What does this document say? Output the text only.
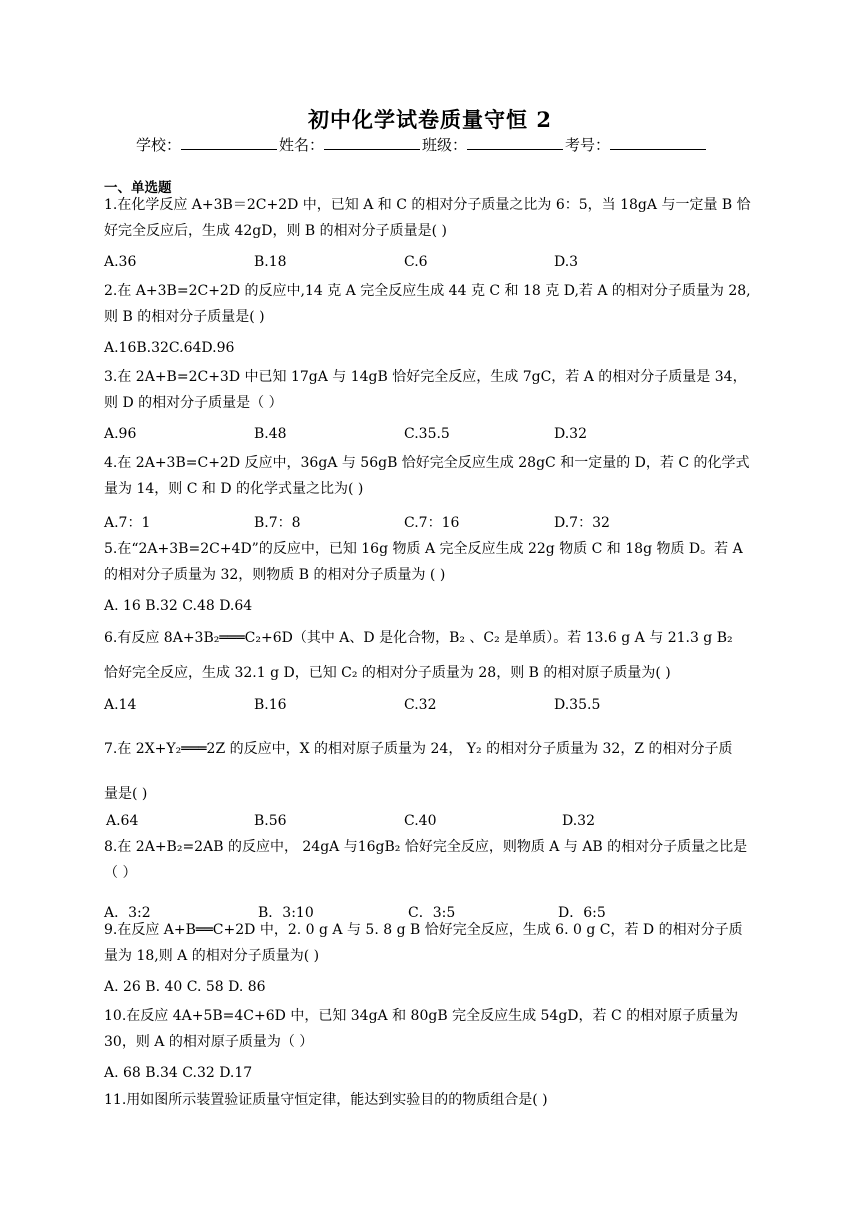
初中化学试卷质量守恒 2
学校：	姓名：	班级：	考号：
一、单选题
1.在化学反应 A+3B＝2C+2D 中，已知 A 和 C 的相对分子质量之比为 6：5，当 18gA 与一定量 B 恰好完全反应后，生成 42gD，则 B 的相对分子质量是( )
A.36	B.18	C.6	D.3
2.在 A+3B=2C+2D 的反应中,14 克 A 完全反应生成 44 克 C 和 18 克 D,若 A 的相对分子质量为 28,则 B 的相对分子质量是( )
A.16B.32C.64D.96
3.在 2A+B=2C+3D 中已知 17gA 与 14gB 恰好完全反应，生成 7gC，若 A 的相对分子质量是 34，则 D 的相对分子质量是（ ）
A.96	B.48	C.35.5	D.32
4.在 2A+3B=C+2D 反应中，36gA 与 56gB 恰好完全反应生成 28gC 和一定量的 D，若 C 的化学式量为 14，则 C 和 D 的化学式量之比为( )
A.7：1	B.7：8	C.7：16	D.7：32
5.在“2A+3B=2C+4D”的反应中，已知 16g 物质 A 完全反应生成 22g 物质 C 和 18g 物质 D。若 A 的相对分子质量为 32，则物质 B 的相对分子质量为 ( )
A. 16 B.32 C.48 D.64
6.有反应 8A+3B₂═══C₂+6D（其中 A、D 是化合物，B₂ 、C₂ 是单质）。若 13.6 g A 与 21.3 g B₂
恰好完全反应，生成 32.1 g D，已知 C₂ 的相对分子质量为 28，则 B 的相对原子质量为( )
A.14	B.16	C.32	D.35.5
7.在 2X+Y₂═══2Z 的反应中，X 的相对原子质量为 24， Y₂ 的相对分子质量为 32，Z 的相对分子质
量是( )
A.64	B.56	C.40	D.32
8.在 2A+B₂=2AB 的反应中， 24gA 与16gB₂ 恰好完全反应，则物质 A 与 AB 的相对分子质量之比是（ ）
A．3:2	B．3:10	C．3:5	D．6:5
9.在反应 A+B══C+2D 中，2. 0 g A 与 5. 8 g B 恰好完全反应，生成 6. 0 g C，若 D 的相对分子质量为 18,则 A 的相对分子质量为( )
A. 26 B. 40 C. 58 D. 86
10.在反应 4A+5B=4C+6D 中，已知 34gA 和 80gB 完全反应生成 54gD，若 C 的相对原子质量为 30，则 A 的相对原子质量为（ ）
A. 68 B.34 C.32 D.17
11.用如图所示装置验证质量守恒定律，能达到实验目的的物质组合是( )
